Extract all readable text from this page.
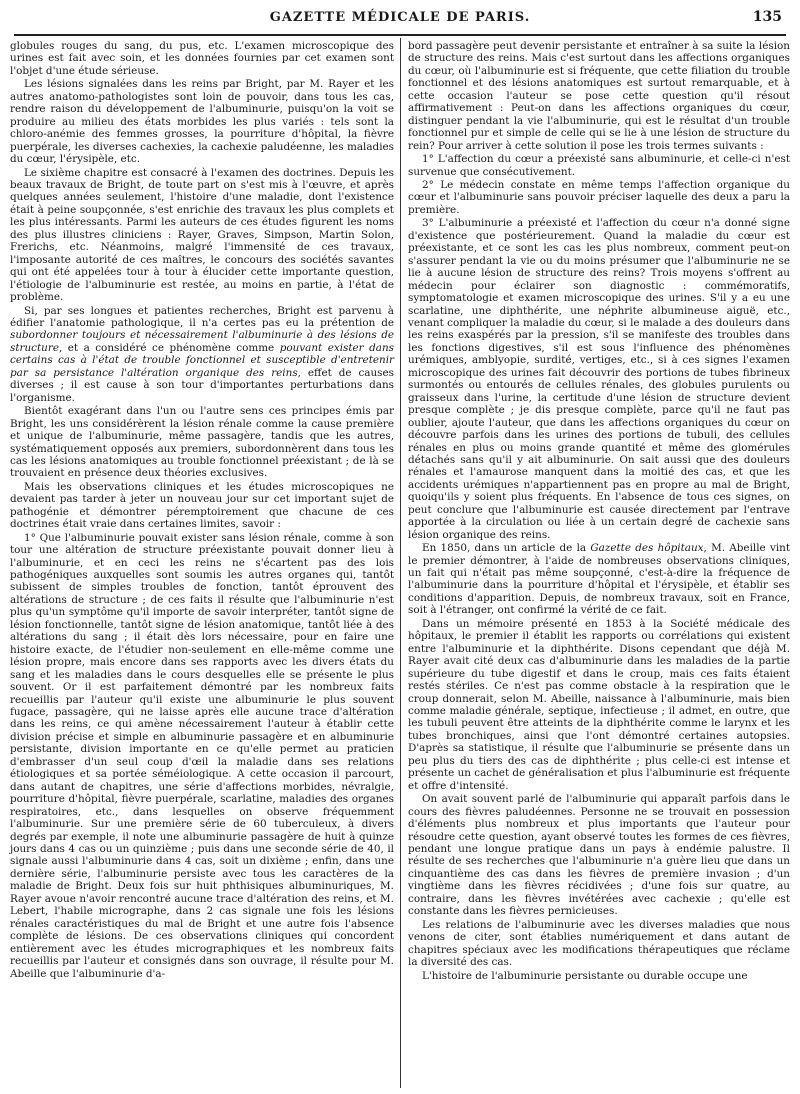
GAZETTE MÉDICALE DE PARIS.	135

globules rouges du sang, du pus, etc. L'examen microscopique des urines est fait avec soin, et les données fournies par cet examen sont l'objet d'une étude sérieuse.

Les lésions signalées dans les reins par Bright, par M. Rayer et les autres anatomo-pathologistes sont loin de pouvoir, dans tous les cas, rendre raison du développement de l'albuminurie, puisqu'on la voit se produire au milieu des états morbides les plus variés : tels sont la chloro-anémie des femmes grosses, la pourriture d'hôpital, la fièvre puerpérale, les diverses cachexies, la cachexie paludéenne, les maladies du cœur, l'érysipèle, etc.

Le sixième chapitre est consacré à l'examen des doctrines. Depuis les beaux travaux de Bright, de toute part on s'est mis à l'œuvre, et après quelques années seulement, l'histoire d'une maladie, dont l'existence était à peine soupçonnée, s'est enrichie des travaux les plus complets et les plus intéressants. Parmi les auteurs de ces études figurent les noms des plus illustres cliniciens : Rayer, Graves, Simpson, Martin Solon, Frerichs, etc. Néanmoins, malgré l'immensité de ces travaux, l'imposante autorité de ces maîtres, le concours des sociétés savantes qui ont été appelées tour à tour à élucider cette importante question, l'étiologie de l'albuminurie est restée, au moins en partie, à l'état de problème.

Si, par ses longues et patientes recherches, Bright est parvenu à édifier l'anatomie pathologique, il n'a certes pas eu la prétention de subordonner toujours et nécessairement l'albuminurie à des lésions de structure, et a considéré ce phénomène comme pouvant exister dans certains cas à l'état de trouble fonctionnel et susceptible d'entretenir par sa persistance l'altération organique des reins, effet de causes diverses ; il est cause à son tour d'importantes perturbations dans l'organisme.

Bientôt exagérant dans l'un ou l'autre sens ces principes émis par Bright, les uns considérèrent la lésion rénale comme la cause première et unique de l'albuminurie, même passagère, tandis que les autres, systématiquement opposés aux premiers, subordonnèrent dans tous les cas les lésions anatomiques au trouble fonctionnel préexistant ; de là se trouvaient en présence deux théories exclusives.

Mais les observations cliniques et les études microscopiques ne devaient pas tarder à jeter un nouveau jour sur cet important sujet de pathogénie et démontrer péremptoirement que chacune de ces doctrines était vraie dans certaines limites, savoir :

1° Que l'albuminurie pouvait exister sans lésion rénale, comme à son tour une altération de structure préexistante pouvait donner lieu à l'albuminurie, et en ceci les reins ne s'écartent pas des lois pathogéniques auxquelles sont soumis les autres organes qui, tantôt subissent de simples troubles de fonction, tantôt éprouvent des altérations de structure ; de ces faits il résulte que l'albuminurie n'est plus qu'un symptôme qu'il importe de savoir interpréter, tantôt signe de lésion fonctionnelle, tantôt signe de lésion anatomique, tantôt liée à des altérations du sang ; il était dès lors nécessaire, pour en faire une histoire exacte, de l'étudier non-seulement en elle-même comme une lésion propre, mais encore dans ses rapports avec les divers états du sang et les maladies dans le cours desquelles elle se présente le plus souvent. Or il est parfaitement démontré par les nombreux faits recueillis par l'auteur qu'il existe une albuminurie le plus souvent fugace, passagère, qui ne laisse après elle aucune trace d'altération dans les reins, ce qui amène nécessairement l'auteur à établir cette division précise et simple en albuminurie passagère et en albuminurie persistante, division importante en ce qu'elle permet au praticien d'embrasser d'un seul coup d'œil la maladie dans ses relations étiologiques et sa portée séméiologique. A cette occasion il parcourt, dans autant de chapitres, une série d'affections morbides, névralgie, pourriture d'hôpital, fièvre puerpérale, scarlatine, maladies des organes respiratoires, etc., dans lesquelles on observe fréquemment l'albuminurie. Sur une première série de 60 tuberculeux, à divers degrés par exemple, il note une albuminurie passagère de huit à quinze jours dans 4 cas ou un quinzième ; puis dans une seconde série de 40, il signale aussi l'albuminurie dans 4 cas, soit un dixième ; enfin, dans une dernière série, l'albuminurie persiste avec tous les caractères de la maladie de Bright. Deux fois sur huit phthisiques albuminuriques, M. Rayer avoue n'avoir rencontré aucune trace d'altération des reins, et M. Lebert, l'habile micrographe, dans 2 cas signale une fois les lésions rénales caractéristiques du mal de Bright et une autre fois l'absence complète de lésions. De ces observations cliniques qui concordent entièrement avec les études micrographiques et les nombreux faits recueillis par l'auteur et consignés dans son ouvrage, il résulte pour M. Abeille que l'albuminurie d'a-

bord passagère peut devenir persistante et entraîner à sa suite la lésion de structure des reins. Mais c'est surtout dans les affections organiques du cœur, où l'albuminurie est si fréquente, que cette filiation du trouble fonctionnel et des lésions anatomiques est surtout remarquable, et à cette occasion l'auteur se pose cette question qu'il résout affirmativement : Peut-on dans les affections organiques du cœur, distinguer pendant la vie l'albuminurie, qui est le résultat d'un trouble fonctionnel pur et simple de celle qui se lie à une lésion de structure du rein? Pour arriver à cette solution il pose les trois termes suivants :

1° L'affection du cœur a préexisté sans albuminurie, et celle-ci n'est survenue que consécutivement.

2° Le médecin constate en même temps l'affection organique du cœur et l'albuminurie sans pouvoir préciser laquelle des deux a paru la première.

3° L'albuminurie a préexisté et l'affection du cœur n'a donné signe d'existence que postérieurement. Quand la maladie du cœur est préexistante, et ce sont les cas les plus nombreux, comment peut-on s'assurer pendant la vie ou du moins présumer que l'albuminurie ne se lie à aucune lésion de structure des reins? Trois moyens s'offrent au médecin pour éclairer son diagnostic : commémoratifs, symptomatologie et examen microscopique des urines. S'il y a eu une scarlatine, une diphthérite, une néphrite albumineuse aiguë, etc., venant compliquer la maladie du cœur, si le malade a des douleurs dans les reins exaspérés par la pression, s'il se manifeste des troubles dans les fonctions digestives, s'il est sous l'influence des phénomènes urémiques, amblyopie, surdité, vertiges, etc., si à ces signes l'examen microscopique des urines fait découvrir des portions de tubes fibrineux surmontés ou entourés de cellules rénales, des globules purulents ou graisseux dans l'urine, la certitude d'une lésion de structure devient presque complète ; je dis presque complète, parce qu'il ne faut pas oublier, ajoute l'auteur, que dans les affections organiques du cœur on découvre parfois dans les urines des portions de tubuli, des cellules rénales en plus ou moins grande quantité et même des glomérules détachés sans qu'il y ait albuminurie. On sait aussi que des douleurs rénales et l'amaurose manquent dans la moitié des cas, et que les accidents urémiques n'appartiennent pas en propre au mal de Bright, quoiqu'ils y soient plus fréquents. En l'absence de tous ces signes, on peut conclure que l'albuminurie est causée directement par l'entrave apportée à la circulation ou liée à un certain degré de cachexie sans lésion organique des reins.

En 1850, dans un article de la Gazette des hôpitaux, M. Abeille vint le premier démontrer, à l'aide de nombreuses observations cliniques, un fait qui n'était pas même soupçonné, c'est-à-dire la fréquence de l'albuminurie dans la pourriture d'hôpital et l'érysipèle, et établir ses conditions d'apparition. Depuis, de nombreux travaux, soit en France, soit à l'étranger, ont confirmé la vérité de ce fait.

Dans un mémoire présenté en 1853 à la Société médicale des hôpitaux, le premier il établit les rapports ou corrélations qui existent entre l'albuminurie et la diphthérite. Disons cependant que déjà M. Rayer avait cité deux cas d'albuminurie dans les maladies de la partie supérieure du tube digestif et dans le croup, mais ces faits étaient restés stériles. Ce n'est pas comme obstacle à la respiration que le croup donnerait, selon M. Abeille, naissance à l'albuminurie, mais bien comme maladie générale, septique, infectieuse ; il admet, en outre, que les tubuli peuvent être atteints de la diphthérite comme le larynx et les tubes bronchiques, ainsi que l'ont démontré certaines autopsies. D'après sa statistique, il résulte que l'albuminurie se présente dans un peu plus du tiers des cas de diphthérite ; plus celle-ci est intense et présente un cachet de généralisation et plus l'albuminurie est fréquente et offre d'intensité.

On avait souvent parlé de l'albuminurie qui apparaît parfois dans le cours des fièvres paludéennes. Personne ne se trouvait en possession d'éléments plus nombreux et plus importants que l'auteur pour résoudre cette question, ayant observé toutes les formes de ces fièvres, pendant une longue pratique dans un pays à endémie palustre. Il résulte de ses recherches que l'albuminurie n'a guère lieu que dans un cinquantième des cas dans les fièvres de première invasion ; d'un vingtième dans les fièvres récidivées ; d'une fois sur quatre, au contraire, dans les fièvres invétérées avec cachexie ; qu'elle est constante dans les fièvres pernicieuses.

Les relations de l'albuminurie avec les diverses maladies que nous venons de citer, sont établies numériquement et dans autant de chapitres spéciaux avec les modifications thérapeutiques que réclame la diversité des cas.

L'histoire de l'albuminurie persistante ou durable occupe une
